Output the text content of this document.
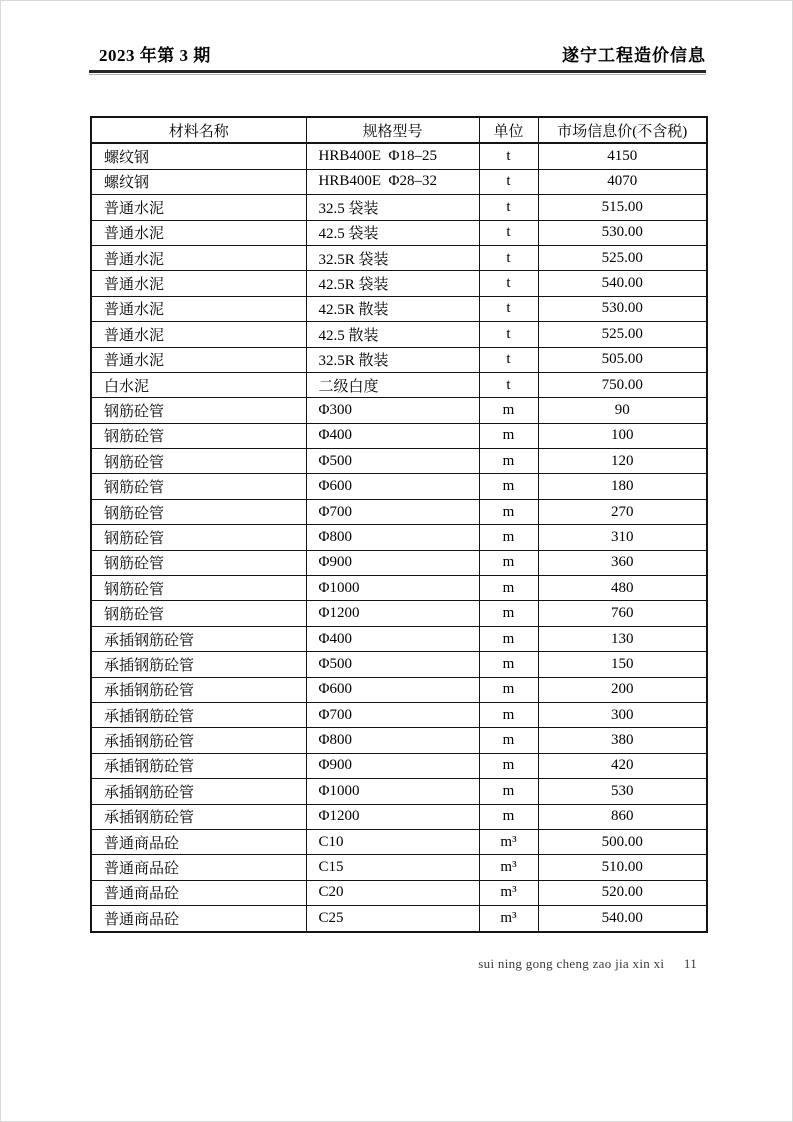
2023 年第 3 期	遂宁工程造价信息
材料名称	规格型号	单位	市场信息价(不含税)
螺纹钢	HRB400E  Φ18–25	t	4150
螺纹钢	HRB400E  Φ28–32	t	4070
普通水泥	32.5 袋装	t	515.00
普通水泥	42.5 袋装	t	530.00
普通水泥	32.5R 袋装	t	525.00
普通水泥	42.5R 袋装	t	540.00
普通水泥	42.5R 散装	t	530.00
普通水泥	42.5 散装	t	525.00
普通水泥	32.5R 散装	t	505.00
白水泥	二级白度	t	750.00
钢筋砼管	Φ300	m	90
钢筋砼管	Φ400	m	100
钢筋砼管	Φ500	m	120
钢筋砼管	Φ600	m	180
钢筋砼管	Φ700	m	270
钢筋砼管	Φ800	m	310
钢筋砼管	Φ900	m	360
钢筋砼管	Φ1000	m	480
钢筋砼管	Φ1200	m	760
承插钢筋砼管	Φ400	m	130
承插钢筋砼管	Φ500	m	150
承插钢筋砼管	Φ600	m	200
承插钢筋砼管	Φ700	m	300
承插钢筋砼管	Φ800	m	380
承插钢筋砼管	Φ900	m	420
承插钢筋砼管	Φ1000	m	530
承插钢筋砼管	Φ1200	m	860
普通商品砼	C10	m³	500.00
普通商品砼	C15	m³	510.00
普通商品砼	C20	m³	520.00
普通商品砼	C25	m³	540.00
sui ning gong cheng zao jia xin xi 11
